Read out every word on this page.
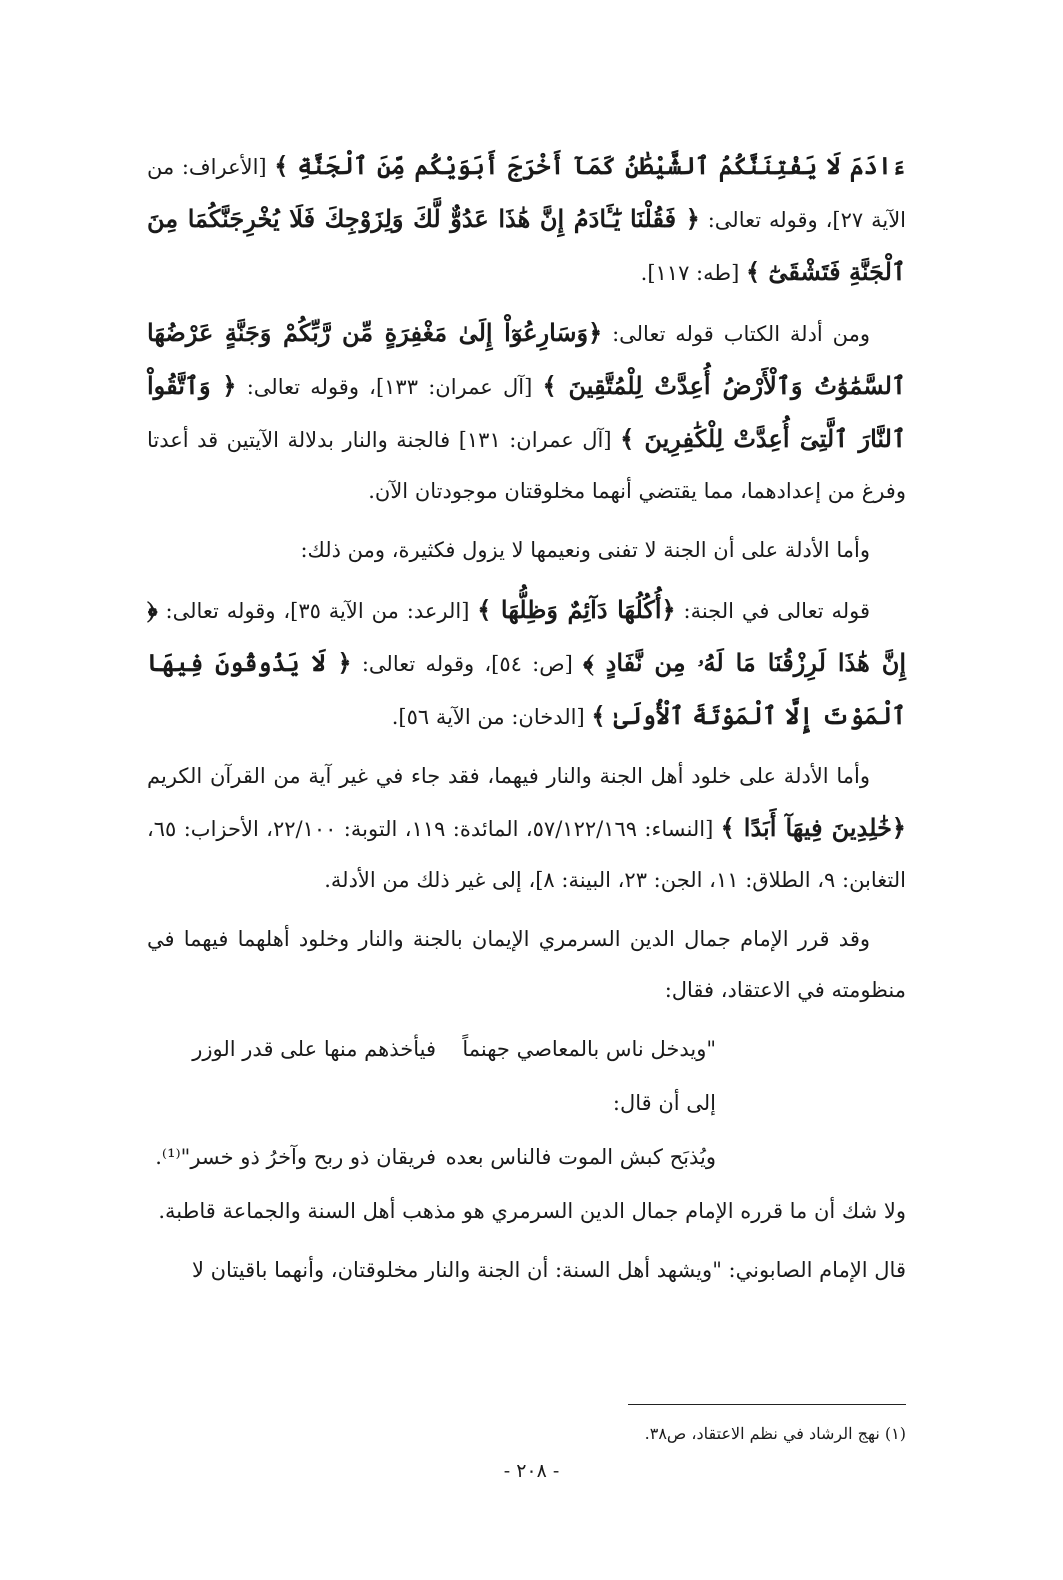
ءَادَمَ لَا يَفْتِنَنَّكُمُ ٱلشَّيْطَٰنُ كَمَآ أَخْرَجَ أَبَوَيْكُم مِّنَ ٱلْجَنَّةِ ﴾ [الأعراف: من الآية ٢٧]، وقوله تعالى: ﴿ فَقُلْنَا يَٰٓـَٔادَمُ إِنَّ هَٰذَا عَدُوٌّ لَّكَ وَلِزَوْجِكَ فَلَا يُخْرِجَنَّكُمَا مِنَ ٱلْجَنَّةِ فَتَشْقَىٰٓ ﴾ [طه: ١١٧].

ومن أدلة الكتاب قوله تعالى: ﴿وَسَارِعُوٓاْ إِلَىٰ مَغْفِرَةٍ مِّن رَّبِّكُمْ وَجَنَّةٍ عَرْضُهَا ٱلسَّمَٰوَٰتُ وَٱلْأَرْضُ أُعِدَّتْ لِلْمُتَّقِينَ ﴾ [آل عمران: ١٣٣]، وقوله تعالى: ﴿ وَٱتَّقُواْ ٱلنَّارَ ٱلَّتِىٓ أُعِدَّتْ لِلْكَٰفِرِينَ ﴾ [آل عمران: ١٣١] فالجنة والنار بدلالة الآيتين قد أعدتا وفرغ من إعدادهما، مما يقتضي أنهما مخلوقتان موجودتان الآن.

وأما الأدلة على أن الجنة لا تفنى ونعيمها لا يزول فكثيرة، ومن ذلك:

قوله تعالى في الجنة: ﴿أُكُلُهَا دَآئِمٌ وَظِلُّهَا ﴾ [الرعد: من الآية ٣٥]، وقوله تعالى: ﴿ إِنَّ هَٰذَا لَرِزْقُنَا مَا لَهُۥ مِن نَّفَادٍ ﴾ [ص: ٥٤]، وقوله تعالى: ﴿ لَا يَذُوقُونَ فِيهَا ٱلْمَوْتَ إِلَّا ٱلْمَوْتَةَ ٱلْأُولَىٰ ﴾ [الدخان: من الآية ٥٦].

وأما الأدلة على خلود أهل الجنة والنار فيهما، فقد جاء في غير آية من القرآن الكريم ﴿خَٰلِدِينَ فِيهَآ أَبَدًا ﴾ [النساء: ٥٧/١٢٢/١٦٩، المائدة: ١١٩، التوبة: ٢٢/١٠٠، الأحزاب: ٦٥، التغابن: ٩، الطلاق: ١١، الجن: ٢٣، البينة: ٨]، إلى غير ذلك من الأدلة.

وقد قرر الإمام جمال الدين السرمري الإيمان بالجنة والنار وخلود أهلهما فيهما في منظومته في الاعتقاد، فقال:

"ويدخل ناس بالمعاصي جهنماً
فيأخذهم منها على قدر الوزر
إلى أن قال:
ويُذبَح كبش الموت فالناس بعده
فريقان ذو ربح وآخرُ ذو خسر"⁽¹⁾.

ولا شك أن ما قرره الإمام جمال الدين السرمري هو مذهب أهل السنة والجماعة قاطبة.

قال الإمام الصابوني: "ويشهد أهل السنة: أن الجنة والنار مخلوقتان، وأنهما باقيتان لا

(١) نهج الرشاد في نظم الاعتقاد، ص٣٨.
- ٢٠٨ -
